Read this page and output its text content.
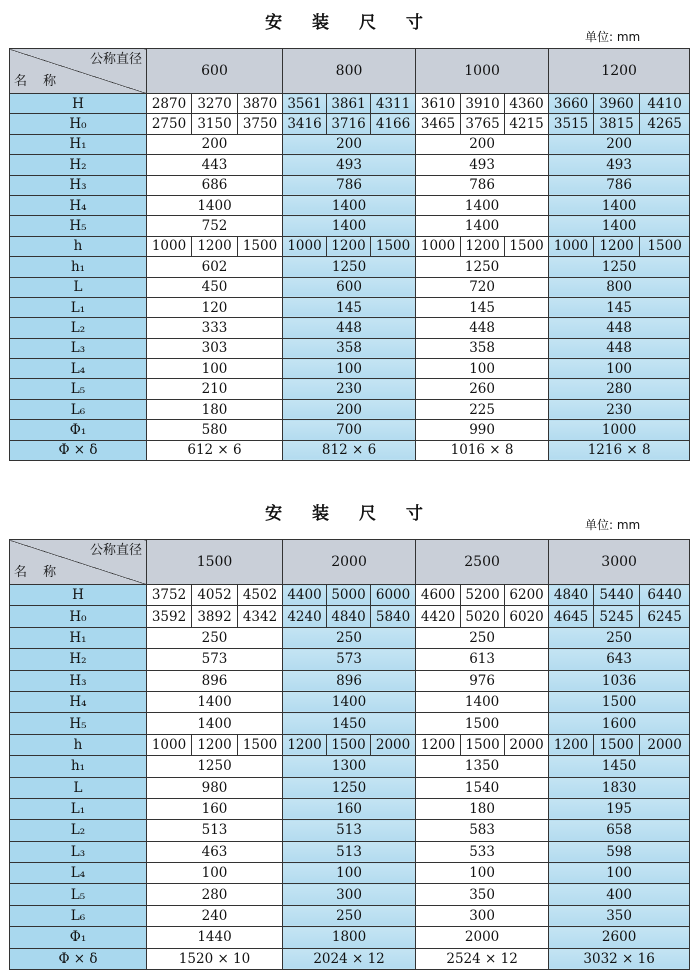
安 装 尺 寸
单位: mm
公称直径
名 称	600			800			1000			1200		
H	2870	3270	3870	3561	3861	4311	3610	3910	4360	3660	3960	4410
H₀	2750	3150	3750	3416	3716	4166	3465	3765	4215	3515	3815	4265
H₁	200			200			200			200		
H₂	443			493			493			493		
H₃	686			786			786			786		
H₄	1400			1400			1400			1400		
H₅	752			1400			1400			1400		
h	1000	1200	1500	1000	1200	1500	1000	1200	1500	1000	1200	1500
h₁	602			1250			1250			1250		
L	450			600			720			800		
L₁	120			145			145			145		
L₂	333			448			448			448		
L₃	303			358			358			448		
L₄	100			100			100			100		
L₅	210			230			260			280		
L₆	180			200			225			230		
Φ₁	580			700			990			1000		
Φ × δ	612 × 6			812 × 6			1016 × 8			1216 × 8		
安 装 尺 寸
单位: mm
公称直径
名 称	1500			2000			2500			3000		
H	3752	4052	4502	4400	5000	6000	4600	5200	6200	4840	5440	6440
H₀	3592	3892	4342	4240	4840	5840	4420	5020	6020	4645	5245	6245
H₁	250			250			250			250		
H₂	573			573			613			643		
H₃	896			896			976			1036		
H₄	1400			1400			1400			1500		
H₅	1400			1450			1500			1600		
h	1000	1200	1500	1200	1500	2000	1200	1500	2000	1200	1500	2000
h₁	1250			1300			1350			1450		
L	980			1250			1540			1830		
L₁	160			160			180			195		
L₂	513			513			583			658		
L₃	463			513			533			598		
L₄	100			100			100			100		
L₅	280			300			350			400		
L₆	240			250			300			350		
Φ₁	1440			1800			2000			2600		
Φ × δ	1520 × 10			2024 × 12			2524 × 12			3032 × 16		
